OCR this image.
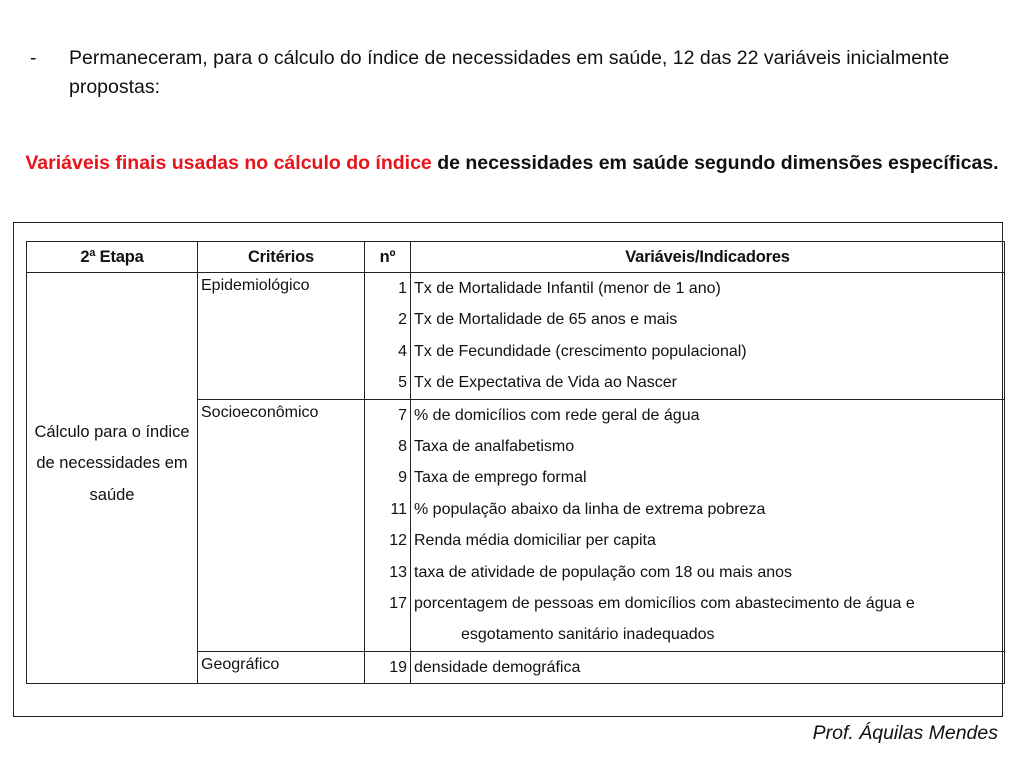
- Permaneceram, para o cálculo do índice de necessidades em saúde, 12 das 22 variáveis inicialmente propostas:
Variáveis finais usadas no cálculo do índice de necessidades em saúde segundo dimensões específicas.
2ª Etapa	Critérios	nº	Variáveis/Indicadores

Cálculo para o índice de necessidades em saúde	Epidemiológico	1	Tx de Mortalidade Infantil (menor de 1 ano)

		2	Tx de Mortalidade de 65 anos e mais

		4	Tx de Fecundidade (crescimento populacional)

		5	Tx de Expectativa de Vida ao Nascer

	Socioeconômico	7	% de domicílios com rede geral de água

		8	Taxa de analfabetismo

		9	Taxa de emprego formal

		11	% população abaixo da linha de extrema pobreza

		12	Renda média domiciliar per capita

		13	taxa de atividade de população com 18 ou mais anos

		17	porcentagem de pessoas em domicílios com abastecimento de água e

			esgotamento sanitário inadequados

	Geográfico	19	densidade demográfica
Prof. Áquilas Mendes
